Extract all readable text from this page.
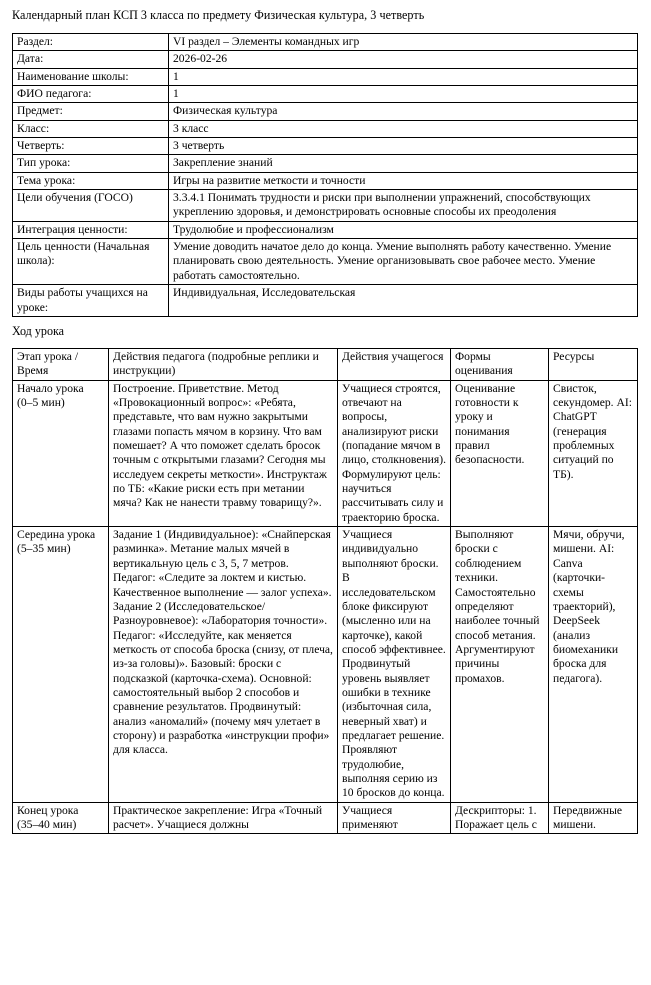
Календарный план КСП 3 класса по предмету Физическая культура, 3 четверть
Раздел:	VI раздел – Элементы командных игр
Дата:	2026-02-26
Наименование школы:	1
ФИО педагога:	1
Предмет:	Физическая культура
Класс:	3 класс
Четверть:	3 четверть
Тип урока:	Закрепление знаний
Тема урока:	Игры на развитие меткости и точности
Цели обучения (ГОСО)	3.3.4.1 Понимать трудности и риски при выполнении упражнений, способствующих укреплению здоровья, и демонстрировать основные способы их преодоления
Интеграция ценности:	Трудолюбие и профессионализм
Цель ценности (Начальная школа):	Умение доводить начатое дело до конца. Умение выполнять работу качественно. Умение планировать свою деятельность. Умение организовывать свое рабочее место. Умение работать самостоятельно.
Виды работы учащихся на уроке:	Индивидуальная, Исследовательская
Ход урока
Этап урока / Время	Действия педагога (подробные реплики и инструкции)	Действия учащегося	Формы оценивания	Ресурсы

Начало урока
(0–5 мин)	Построение. Приветствие. Метод «Провокационный вопрос»: «Ребята, представьте, что вам нужно закрытыми глазами попасть мячом в корзину. Что вам помешает? А что поможет сделать бросок точным с открытыми глазами? Сегодня мы исследуем секреты меткости». Инструктаж по ТБ: «Какие риски есть при метании мяча? Как не нанести травму товарищу?».	Учащиеся строятся, отвечают на вопросы, анализируют риски (попадание мячом в лицо, столкновения). Формулируют цель: научиться рассчитывать силу и траекторию броска.	Оценивание готовности к уроку и понимания правил безопасности.	Свисток, секундомер. AI: ChatGPT (генерация проблемных ситуаций по ТБ).

Середина урока
(5–35 мин)
	Задание 1 (Индивидуальное): «Снайперская разминка». Метание малых мячей в вертикальную цель с 3, 5, 7 метров. Педагог: «Следите за локтем и кистью. Качественное выполнение — залог успеха». Задание 2 (Исследовательское/Разноуровневое): «Лаборатория точности». Педагог: «Исследуйте, как меняется меткость от способа броска (снизу, от плеча, из-за головы)». Базовый: броски с подсказкой (карточка-схема). Основной: самостоятельный выбор 2 способов и сравнение результатов. Продвинутый: анализ «аномалий» (почему мяч улетает в сторону) и разработка «инструкции профи» для класса.	Учащиеся индивидуально выполняют броски. В исследовательском блоке фиксируют (мысленно или на карточке), какой способ эффективнее. Продвинутый уровень выявляет ошибки в технике (избыточная сила, неверный хват) и предлагает решение. Проявляют трудолюбие, выполняя серию из 10 бросков до конца.	Выполняют броски с соблюдением техники. Самостоятельно определяют наиболее точный способ метания. Аргументируют причины промахов.	Мячи, обручи, мишени. AI: Canva (карточки-схемы траекторий), DeepSeek (анализ биомеханики броска для педагога).

Конец урока
(35–40 мин)	Практическое закрепление: Игра «Точный расчет». Учащиеся должны	Учащиеся применяют	Дескрипторы: 1. Поражает цель с	Передвижные мишени.
